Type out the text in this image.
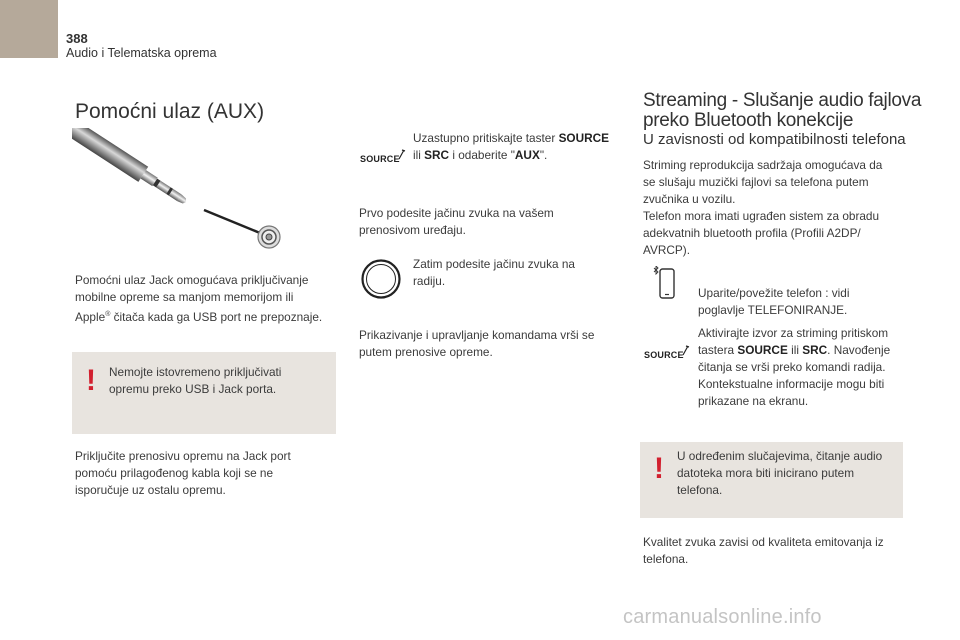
388
Audio i Telematska oprema
Pomoćni ulaz (AUX)
Pomoćni ulaz Jack omogućava priključivanje
mobilne opreme sa manjom memorijom ili
Apple® čitača kada ga USB port ne prepoznaje.
! Nemojte istovremeno priključivati
opremu preko USB i Jack porta.
Priključite prenosivu opremu na Jack port
pomoću prilagođenog kabla koji se ne
isporučuje uz ostalu opremu.
SOURCE
Uzastupno pritiskajte taster SOURCE
ili SRC i odaberite "AUX".
Prvo podesite jačinu zvuka na vašem
prenosivom uređaju.
Zatim podesite jačinu zvuka na
radiju.
Prikazivanje i upravljanje komandama vrši se
putem prenosive opreme.
Streaming - Slušanje audio fajlova
preko Bluetooth konekcije
U zavisnosti od kompatibilnosti telefona
Striming reprodukcija sadržaja omogućava da
se slušaju muzički fajlovi sa telefona putem
zvučnika u vozilu.
Telefon mora imati ugrađen sistem za obradu
adekvatnih bluetooth profila (Profili A2DP/
AVRCP).
Uparite/povežite telefon : vidi
poglavlje TELEFONIRANJE.
SOURCE
Aktivirajte izvor za striming pritiskom
tastera SOURCE ili SRC. Navođenje
čitanja se vrši preko komandi radija.
Kontekstualne informacije mogu biti
prikazane na ekranu.
! U određenim slučajevima, čitanje audio
datoteka mora biti inicirano putem
telefona.
Kvalitet zvuka zavisi od kvaliteta emitovanja iz
telefona.
carmanualsonline.info
